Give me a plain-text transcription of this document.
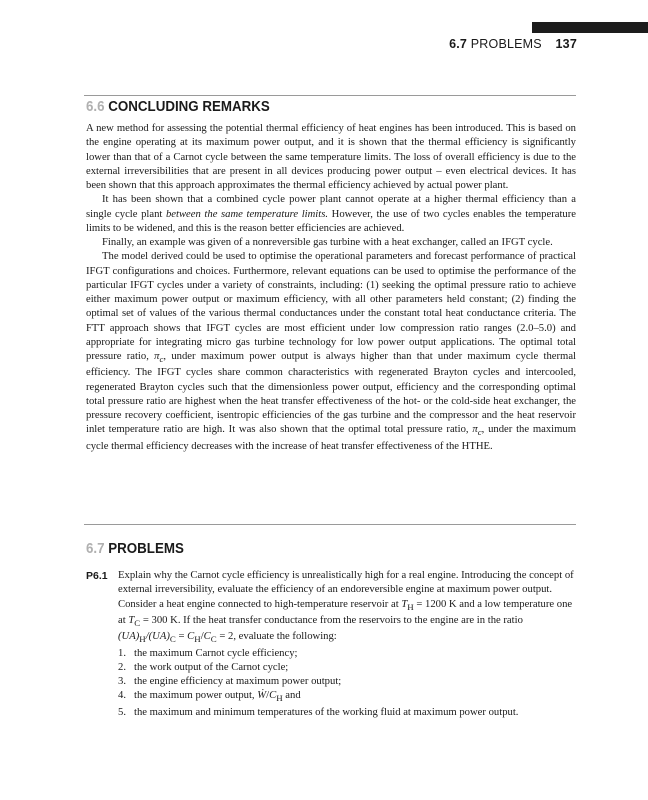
6.7 PROBLEMS 137
6.6 CONCLUDING REMARKS

A new method for assessing the potential thermal efficiency of heat engines has been introduced. This is based on the engine operating at its maximum power output, and it is shown that the thermal efficiency is significantly lower than that of a Carnot cycle between the same temperature limits. The loss of overall efficiency is due to the external irreversibilities that are present in all devices producing power output – even electrical devices. It has been shown that this approach approximates the thermal efficiency achieved by actual power plant.

It has been shown that a combined cycle power plant cannot operate at a higher thermal efficiency than a single cycle plant between the same temperature limits. However, the use of two cycles enables the temperature limits to be widened, and this is the reason better efficiencies are achieved.

Finally, an example was given of a nonreversible gas turbine with a heat exchanger, called an IFGT cycle.

The model derived could be used to optimise the operational parameters and forecast performance of practical IFGT configurations and choices. Furthermore, relevant equations can be used to optimise the performance of the particular IFGT cycles under a variety of constraints, including: (1) seeking the optimal pressure ratio to achieve either maximum power output or maximum efficiency, with all other parameters held constant; (2) finding the optimal set of values of the various thermal conductances under the constant total heat conductance criteria. The FTT approach shows that IFGT cycles are most efficient under low compression ratio ranges (2.0–5.0) and appropriate for integrating micro gas turbine technology for low power output applications. The optimal total pressure ratio, $\pi_c$, under maximum power output is always higher than that under maximum cycle thermal efficiency. The IFGT cycles share common characteristics with regenerated Brayton cycles and intercooled, regenerated Brayton cycles such that the dimensionless power output, efficiency and the corresponding optimal total pressure ratio are highest when the heat transfer effectiveness of the hot- or the cold-side heat exchanger, the pressure recovery coefficient, isentropic efficiencies of the gas turbine and the compressor and the heat reservoir inlet temperature ratio are high. It was also shown that the optimal total pressure ratio, $\pi_c$, under the maximum cycle thermal efficiency decreases with the increase of heat transfer effectiveness of the HTHE.

6.7 PROBLEMS
P6.1 Explain why the Carnot cycle efficiency is unrealistically high for a real engine. Introducing the concept of external irreversibility, evaluate the efficiency of an endoreversible engine at maximum power output.

Consider a heat engine connected to high-temperature reservoir at $T_H = 1200$ K and a low temperature one at $T_C = 300$ K. If the heat transfer conductance from the reservoirs to the engine are in the ratio $(UA)_H/(UA)_C = C_H/C_C = 2$, evaluate the following:

1. the maximum Carnot cycle efficiency;
2. the work output of the Carnot cycle;
3. the engine efficiency at maximum power output;
4. the maximum power output, $Ẇ/C_H$ and
5. the maximum and minimum temperatures of the working fluid at maximum power output.
